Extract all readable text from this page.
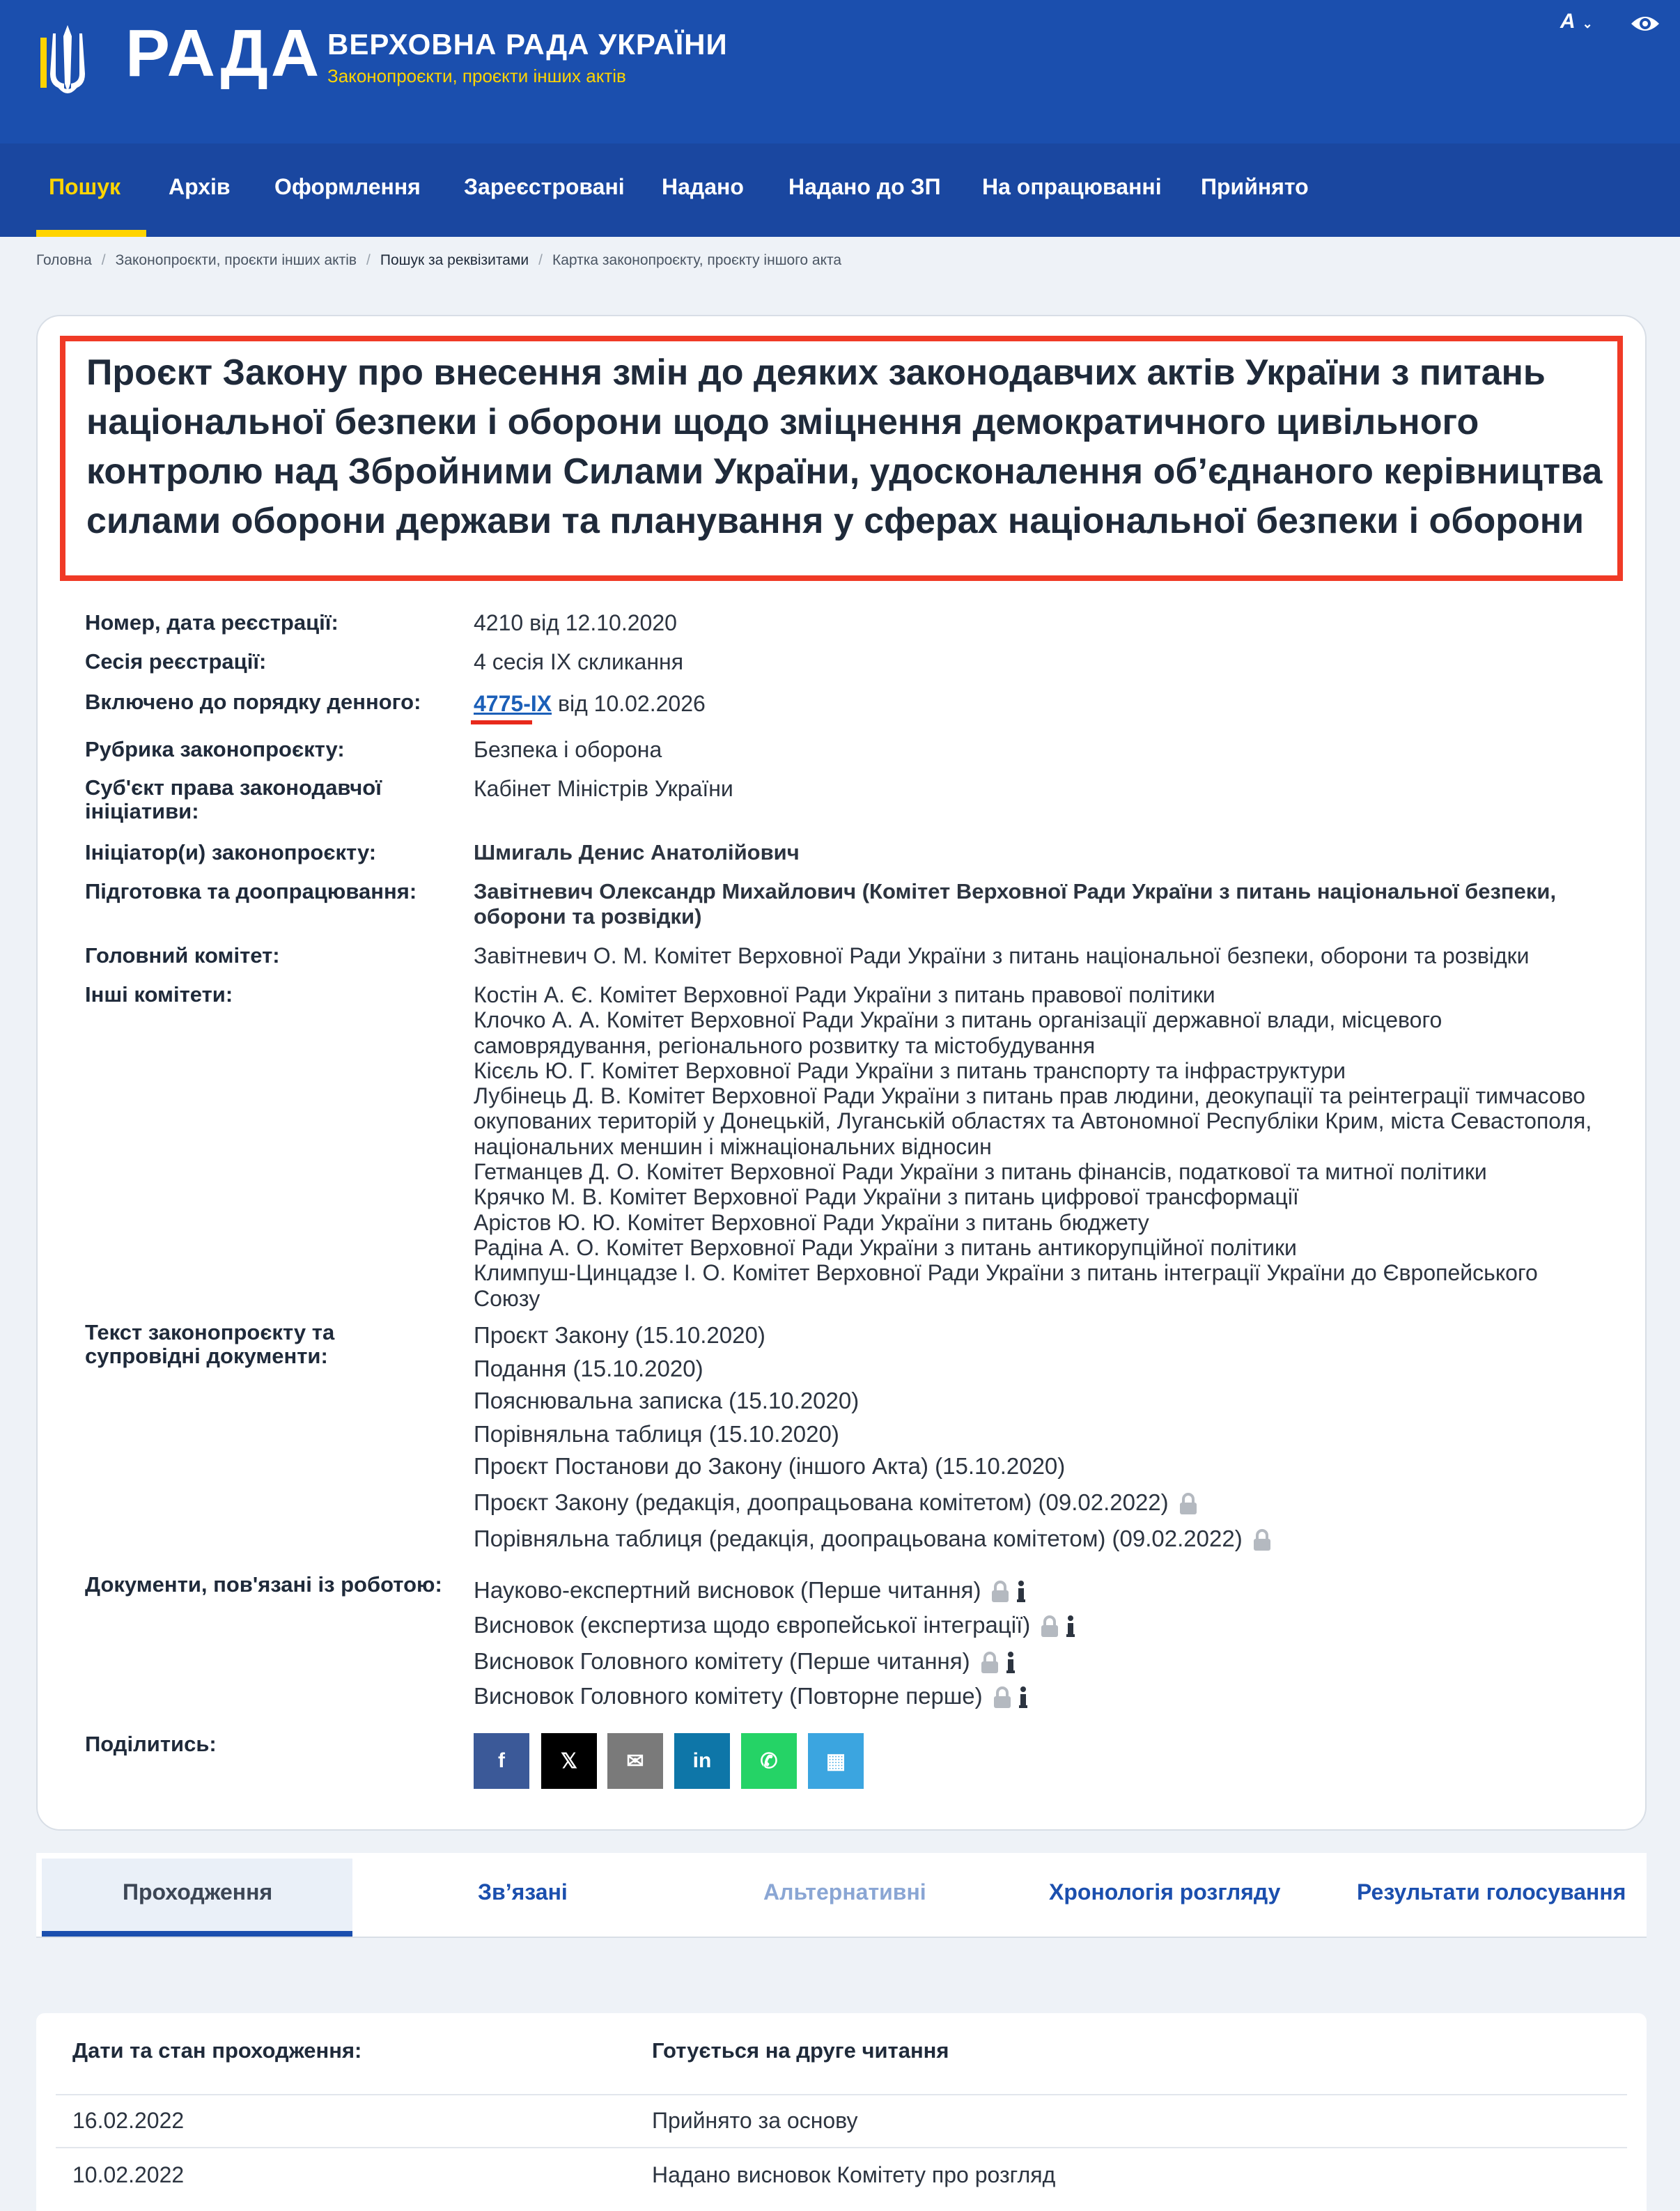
РАДА ВЕРХОВНА РАДА УКРАЇНИ
Законопроєкти, проєкти інших актів
A ⌄
Пошук Архів Оформлення Зареєстровані Надано Надано до ЗП На опрацюванні Прийнято
Головна / Законопроєкти, проєкти інших актів / Пошук за реквізитами / Картка законопроєкту, проєкту іншого акта
Проєкт Закону про внесення змін до деяких законодавчих актів України з питань національної безпеки і оборони щодо зміцнення демократичного цивільного контролю над Збройними Силами України, удосконалення об’єднаного керівництва силами оборони держави та планування у сферах національної безпеки і оборони
Номер, дата реєстрації:	4210 від 12.10.2020
Сесія реєстрації:	4 сесія IX скликання
Включено до порядку денного:	4775-IX від 10.02.2026
Рубрика законопроєкту:	Безпека і оборона
Суб'єкт права законодавчої ініціативи:
Кабінет Міністрів України
Ініціатор(и) законопроєкту:	Шмигаль Денис Анатолійович
Підготовка та доопрацювання:	Завітневич Олександр Михайлович (Комітет Верховної Ради України з питань національної безпеки, оборони та розвідки)
Головний комітет:	Завітневич О. М. Комітет Верховної Ради України з питань національної безпеки, оборони та розвідки
Інші комітети:	Костін А. Є. Комітет Верховної Ради України з питань правової політики
Клочко А. А. Комітет Верховної Ради України з питань організації державної влади, місцевого самоврядування, регіонального розвитку та містобудування
Кісєль Ю. Г. Комітет Верховної Ради України з питань транспорту та інфраструктури
Лубінець Д. В. Комітет Верховної Ради України з питань прав людини, деокупації та реінтеграції тимчасово окупованих територій у Донецькій, Луганській областях та Автономної Республіки Крим, міста Севастополя, національних меншин і міжнаціональних відносин
Гетманцев Д. О. Комітет Верховної Ради України з питань фінансів, податкової та митної політики
Крячко М. В. Комітет Верховної Ради України з питань цифрової трансформації
Арістов Ю. Ю. Комітет Верховної Ради України з питань бюджету
Радіна А. О. Комітет Верховної Ради України з питань антикорупційної політики
Климпуш-Цинцадзе І. О. Комітет Верховної Ради України з питань інтеграції України до Європейського Союзу
Текст законопроєкту та супровідні документи:
Проєкт Закону (15.10.2020)
Подання (15.10.2020)
Пояснювальна записка (15.10.2020)
Порівняльна таблиця (15.10.2020)
Проєкт Постанови до Закону (іншого Акта) (15.10.2020)
Проєкт Закону (редакція, доопрацьована комітетом) (09.02.2022)
Порівняльна таблиця (редакція, доопрацьована комітетом) (09.02.2022)
Документи, пов'язані із роботою: Науково-експертний висновок (Перше читання)
Висновок (експертиза щодо європейської інтеграції)
Висновок Головного комітету (Перше читання)
Висновок Головного комітету (Повторне перше)
Поділитись:
f	𝕏 ✉ in ✆ ▦
Проходження	Зв’язані	Альтернативні	Хронологія розгляду	Результати голосування
Дати та стан проходження:	Готується на друге читання
16.02.2022	Прийнято за основу
10.02.2022	Надано висновок Комітету про розгляд
